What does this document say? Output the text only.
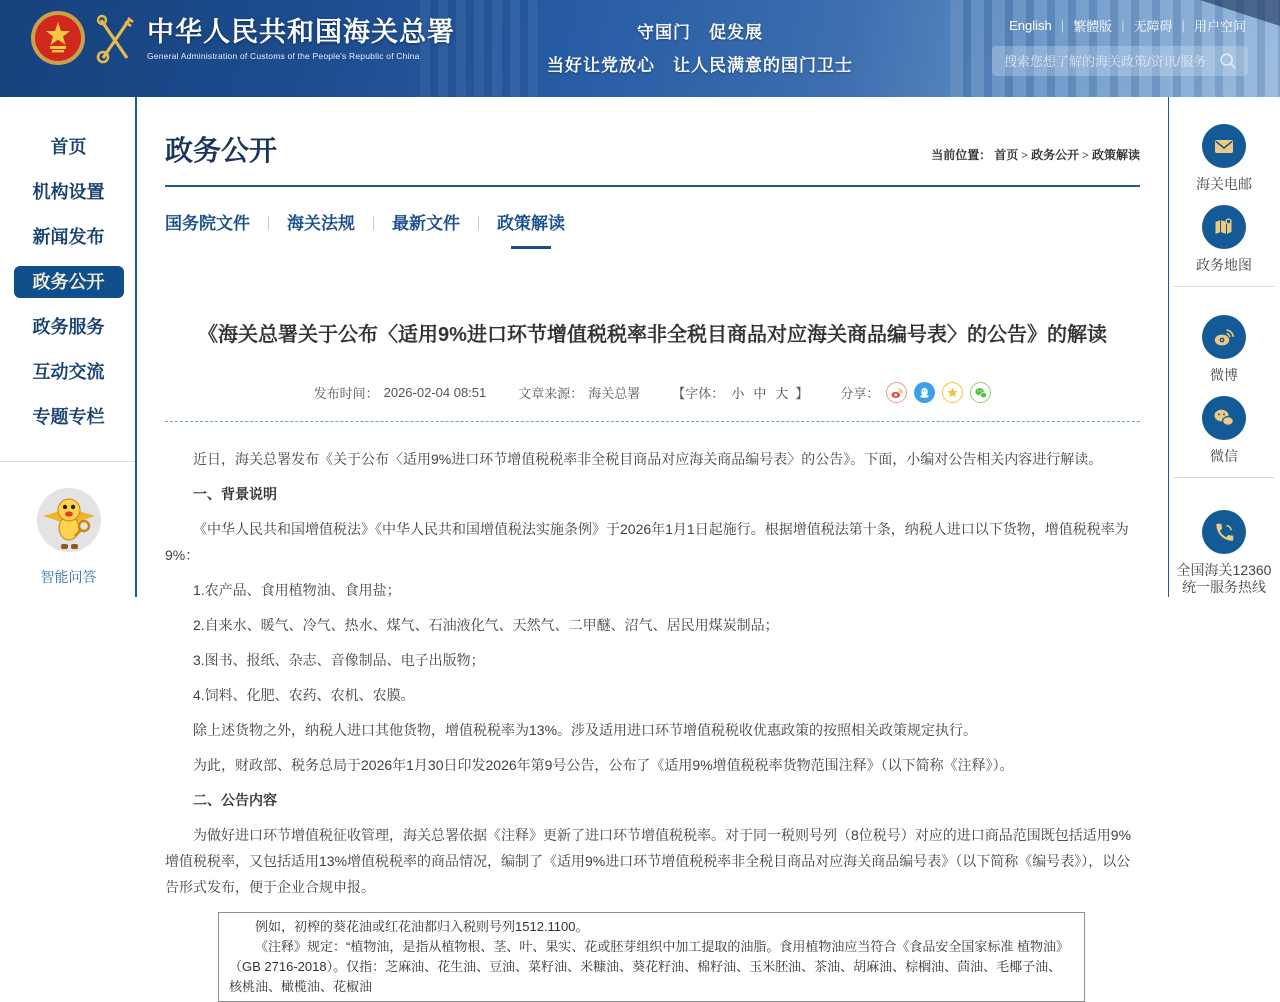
中华人民共和国海关总署
General Administration of Customs of the People's Republic of China
守国门　促发展
当好让党放心　让人民满意的国门卫士
English | 繁體版 | 无障碍 | 用户空间
搜索您想了解的海关政策/资讯/服务
首页
机构设置
新闻发布
政务公开
政务服务
互动交流
专题专栏
智能问答
政务公开	当前位置： 首页 > 政务公开 > 政策解读
国务院文件 海关法规 最新文件 政策解读
《海关总署关于公布〈适用9%进口环节增值税税率非全税目商品对应海关商品编号表〉的公告》的解读
发布时间： 2026-02-04 08:51 文章来源： 海关总署 【字体： 小 中 大 】 分享：

近日，海关总署发布《关于公布〈适用9%进口环节增值税税率非全税目商品对应海关商品编号表〉的公告》。下面，小编对公告相关内容进行解读。

一、背景说明

《中华人民共和国增值税法》《中华人民共和国增值税法实施条例》于2026年1月1日起施行。根据增值税法第十条，纳税人进口以下货物，增值税税率为9%：

1.农产品、食用植物油、食用盐；

2.自来水、暖气、冷气、热水、煤气、石油液化气、天然气、二甲醚、沼气、居民用煤炭制品；

3.图书、报纸、杂志、音像制品、电子出版物；

4.饲料、化肥、农药、农机、农膜。

除上述货物之外，纳税人进口其他货物，增值税税率为13%。涉及适用进口环节增值税税收优惠政策的按照相关政策规定执行。

为此，财政部、税务总局于2026年1月30日印发2026年第9号公告，公布了《适用9%增值税税率货物范围注释》（以下简称《注释》）。

二、公告内容

为做好进口环节增值税征收管理，海关总署依据《注释》更新了进口环节增值税税率。对于同一税则号列（8位税号）对应的进口商品范围既包括适用9%增值税税率，又包括适用13%增值税税率的商品情况，编制了《适用9%进口环节增值税税率非全税目商品对应海关商品编号表》（以下简称《编号表》），以公告形式发布，便于企业合规申报。

例如，初榨的葵花油或红花油都归入税则号列1512.1100。

《注释》规定：“植物油，是指从植物根、茎、叶、果实、花或胚芽组织中加工提取的油脂。食用植物油应当符合《食品安全国家标准 植物油》（GB 2716-2018）。仅指：芝麻油、花生油、豆油、菜籽油、米糠油、葵花籽油、棉籽油、玉米胚油、茶油、胡麻油、棕榈油、茴油、毛椰子油、核桃油、橄榄油、花椒油

海关电邮
政务地图
微博
微信
全国海关12360
统一服务热线
